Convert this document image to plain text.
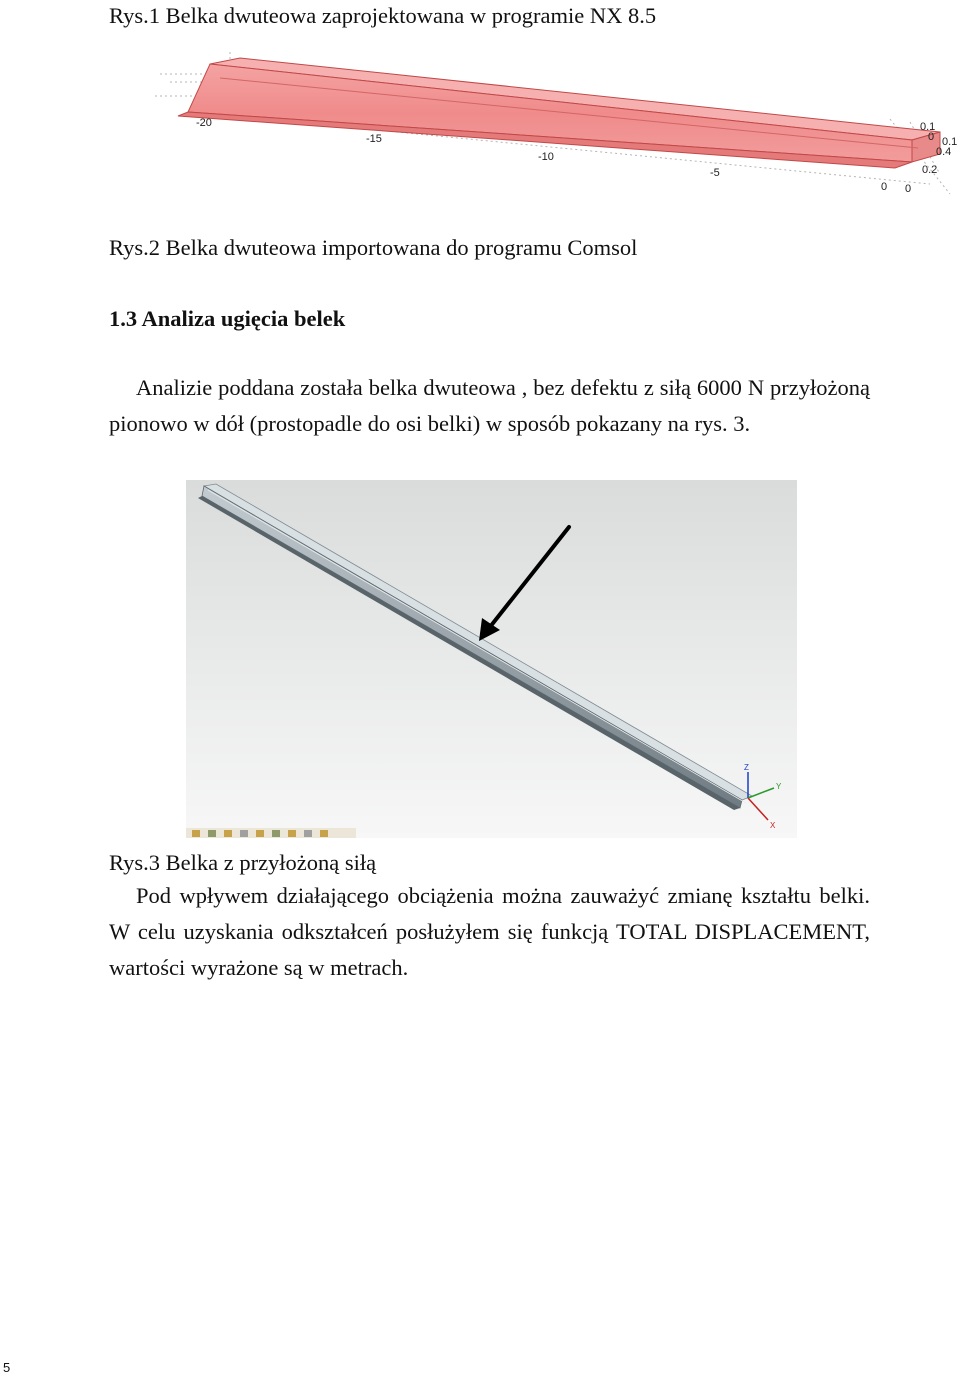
Rys.1 Belka dwuteowa zaprojektowana w programie NX 8.5
-20
-15
-10
-5
0
0.1
0
0.4
0.2
0
0.1
Rys.2 Belka dwuteowa importowana do programu Comsol
1.3 Analiza ugięcia belek
Analizie poddana została belka dwuteowa , bez defektu z siłą 6000 N przyłożoną pionowo w dół (prostopadle do osi belki) w sposób pokazany na rys. 3.
Z
Y
X
Rys.3 Belka z przyłożoną siłą
Pod wpływem działającego obciążenia można zauważyć zmianę kształtu belki. W celu uzyskania odkształceń posłużyłem się funkcją TOTAL DISPLACEMENT, wartości wyrażone są w metrach.
5
